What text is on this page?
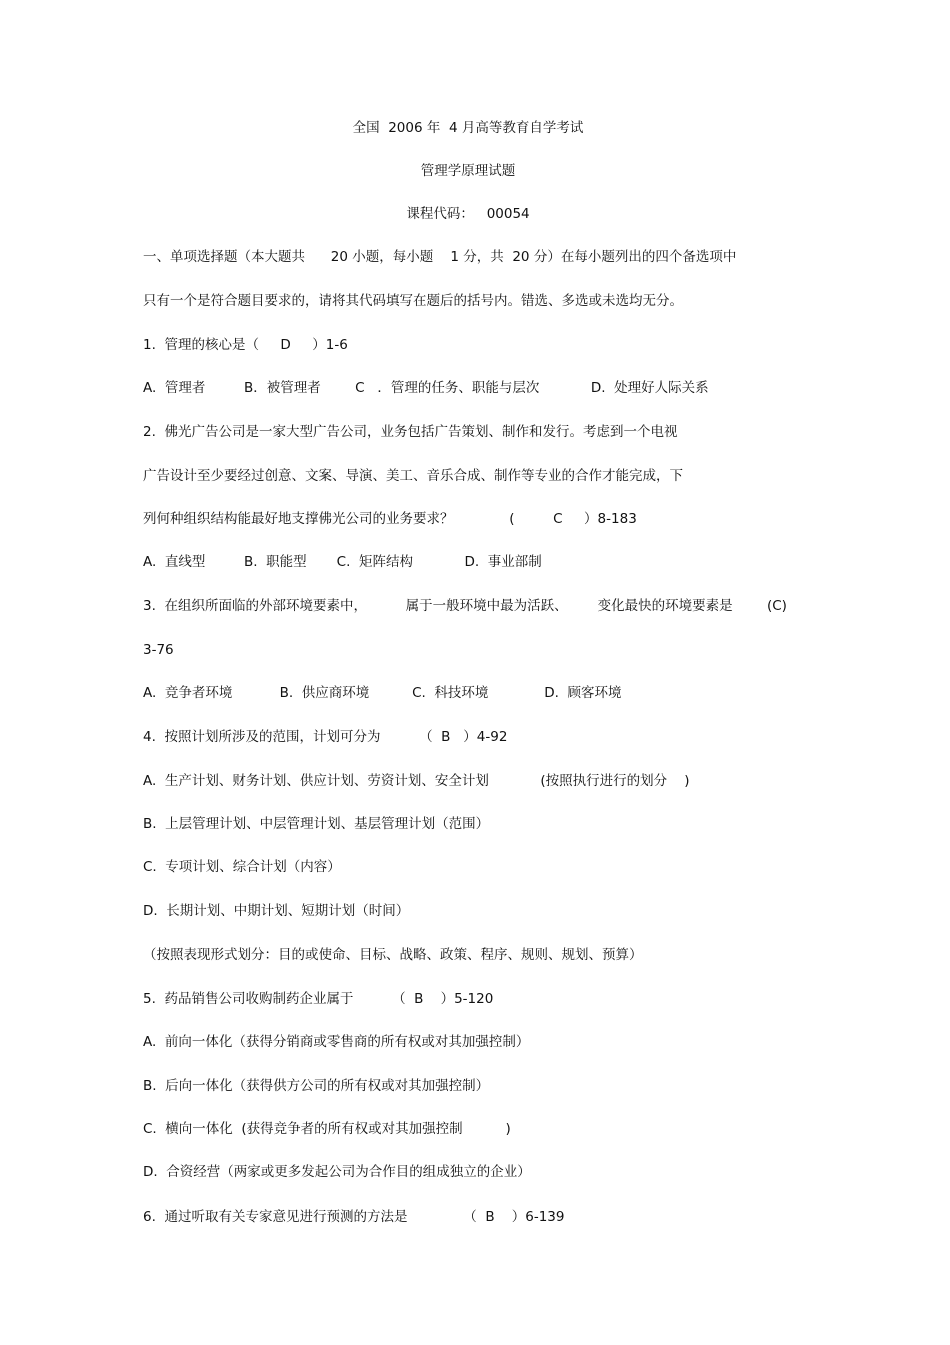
全国  2006 年  4 月高等教育自学考试
管理学原理试题
课程代码：   00054
一、单项选择题（本大题共      20 小题，每小题    1 分，共  20 分）在每小题列出的四个备选项中
只有一个是符合题目要求的，请将其代码填写在题后的括号内。错选、多选或未选均无分。
1.  管理的核心是（     D     ）1-6
A.  管理者         B．被管理者        C   ．管理的任务、职能与层次            D.  处理好人际关系
2.  佛光广告公司是一家大型广告公司，业务包括广告策划、制作和发行。考虑到一个电视
广告设计至少要经过创意、文案、导演、美工、音乐合成、制作等专业的合作才能完成，下
列何种组织结构能最好地支撑佛光公司的业务要求？             (         C     ）8-183
A.  直线型         B.  职能型       C.  矩阵结构            D.  事业部制
3.  在组织所面临的外部环境要素中，         属于一般环境中最为活跃、       变化最快的环境要素是        (C)
3-76
A.  竞争者环境           B.  供应商环境          C.  科技环境             D.  顾客环境
4.  按照计划所涉及的范围，计划可分为         （  B   ）4-92
A.  生产计划、财务计划、供应计划、劳资计划、安全计划            (按照执行进行的划分    )
B.  上层管理计划、中层管理计划、基层管理计划（范围）
C.  专项计划、综合计划（内容）
D.  长期计划、中期计划、短期计划（时间）
（按照表现形式划分：目的或使命、目标、战略、政策、程序、规则、规划、预算）
5.  药品销售公司收购制药企业属于         （  B    ）5-120
A.  前向一体化（获得分销商或零售商的所有权或对其加强控制）
B.  后向一体化（获得供方公司的所有权或对其加强控制）
C.  横向一体化  (获得竞争者的所有权或对其加强控制          )
D.  合资经营（两家或更多发起公司为合作目的组成独立的企业）
6.  通过听取有关专家意见进行预测的方法是             （  B    ）6-139
